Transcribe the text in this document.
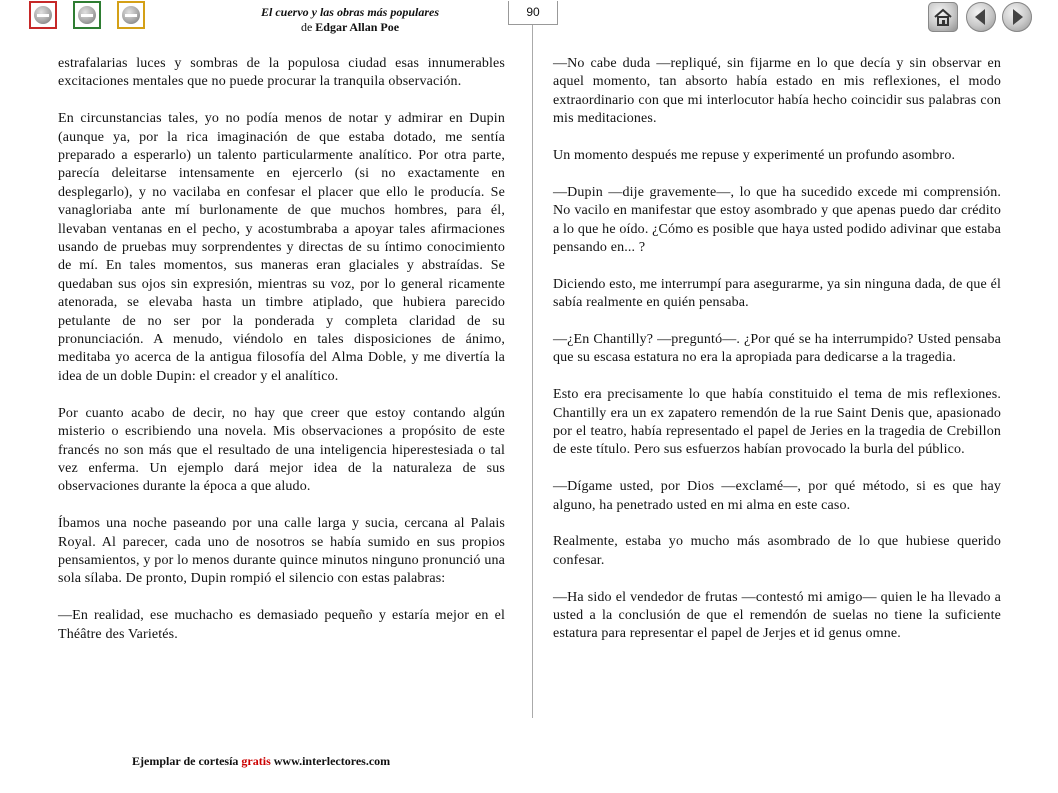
El cuervo y las obras más populares
de Edgar Allan Poe
90

estrafalarias luces y sombras de la populosa ciudad esas innumerables excitaciones mentales que no puede procurar la tranquila observación.

En circunstancias tales, yo no podía menos de notar y admirar en Dupin (aunque ya, por la rica imaginación de que estaba dotado, me sentía preparado a esperarlo) un talento particularmente analítico. Por otra parte, parecía deleitarse intensamente en ejercerlo (si no exactamente en desplegarlo), y no vacilaba en confesar el placer que ello le producía. Se vanagloriaba ante mí burlonamente de que muchos hombres, para él, llevaban ventanas en el pecho, y acostumbraba a apoyar tales afirmaciones usando de pruebas muy sorprendentes y directas de su íntimo conocimiento de mí. En tales momentos, sus maneras eran glaciales y abstraídas. Se quedaban sus ojos sin expresión, mientras su voz, por lo general ricamente atenorada, se elevaba hasta un timbre atiplado, que hubiera parecido petulante de no ser por la ponderada y completa claridad de su pronunciación. A menudo, viéndolo en tales disposiciones de ánimo, meditaba yo acerca de la antigua filosofía del Alma Doble, y me divertía la idea de un doble Dupin: el creador y el analítico.

Por cuanto acabo de decir, no hay que creer que estoy contando algún misterio o escribiendo una novela. Mis observaciones a propósito de este francés no son más que el resultado de una inteligencia hiperestesiada o tal vez enferma. Un ejemplo dará mejor idea de la naturaleza de sus observaciones durante la época a que aludo.

Íbamos una noche paseando por una calle larga y sucia, cercana al Palais Royal. Al parecer, cada uno de nosotros se había sumido en sus propios pensamientos, y por lo menos durante quince minutos ninguno pronunció una sola sílaba. De pronto, Dupin rompió el silencio con estas palabras:

—En realidad, ese muchacho es demasiado pequeño y estaría mejor en el Théâtre des Varietés.

—No cabe duda —repliqué, sin fijarme en lo que decía y sin observar en aquel momento, tan absorto había estado en mis reflexiones, el modo extraordinario con que mi interlocutor había hecho coincidir sus palabras con mis meditaciones.

Un momento después me repuse y experimenté un profundo asombro.

—Dupin —dije gravemente—, lo que ha sucedido excede mi comprensión. No vacilo en manifestar que estoy asombrado y que apenas puedo dar crédito a lo que he oído. ¿Cómo es posible que haya usted podido adivinar que estaba pensando en... ?

Diciendo esto, me interrumpí para asegurarme, ya sin ninguna dada, de que él sabía realmente en quién pensaba.

—¿En Chantilly? —preguntó—. ¿Por qué se ha interrumpido? Usted pensaba que su escasa estatura no era la apropiada para dedicarse a la tragedia.

Esto era precisamente lo que había constituido el tema de mis reflexiones. Chantilly era un ex zapatero remendón de la rue Saint Denis que, apasionado por el teatro, había representado el papel de Jeries en la tragedia de Crebillon de este título. Pero sus esfuerzos habían provocado la burla del público.

—Dígame usted, por Dios —exclamé—, por qué método, si es que hay alguno, ha penetrado usted en mi alma en este caso.

Realmente, estaba yo mucho más asombrado de lo que hubiese querido confesar.

—Ha sido el vendedor de frutas —contestó mi amigo— quien le ha llevado a usted a la conclusión de que el remendón de suelas no tiene la suficiente estatura para representar el papel de Jerjes et id genus omne.

Ejemplar de cortesía gratis www.interlectores.com
